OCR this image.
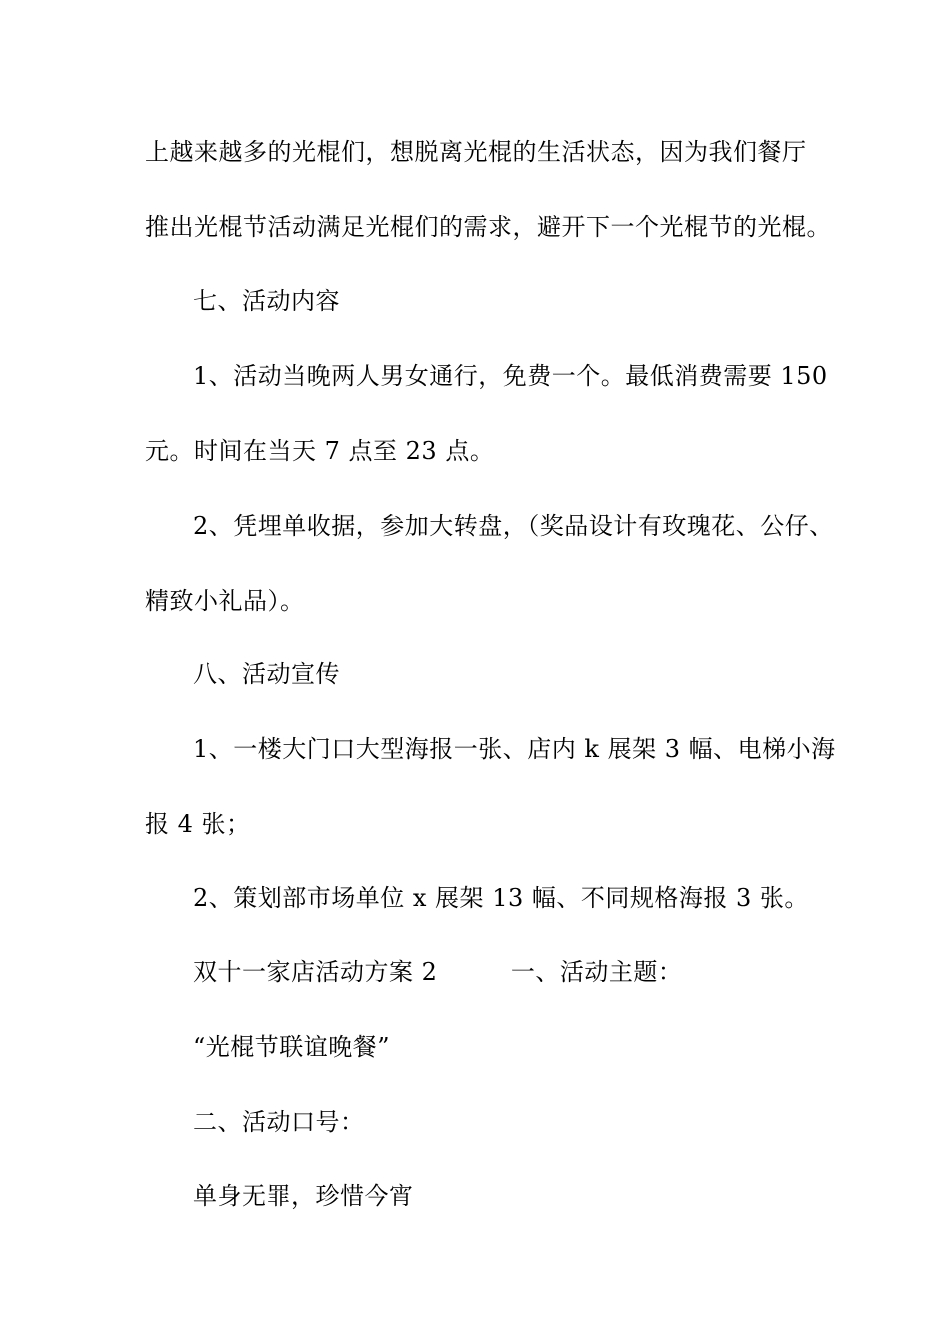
上越来越多的光棍们，想脱离光棍的生活状态，因为我们餐厅
推出光棍节活动满足光棍们的需求，避开下一个光棍节的光棍。
七、活动内容
1、活动当晚两人男女通行，免费一个。最低消费需要 150
元。时间在当天 7 点至 23 点。
2、凭埋单收据，参加大转盘，（奖品设计有玫瑰花、公仔、
精致小礼品）。
八、活动宣传
1、一楼大门口大型海报一张、店内 k 展架 3 幅、电梯小海
报 4 张；
2、策划部市场单位 x 展架 13 幅、不同规格海报 3 张。
双十一家店活动方案 2　　　一、活动主题：
“光棍节联谊晚餐”
二、活动口号：
单身无罪，珍惜今宵
